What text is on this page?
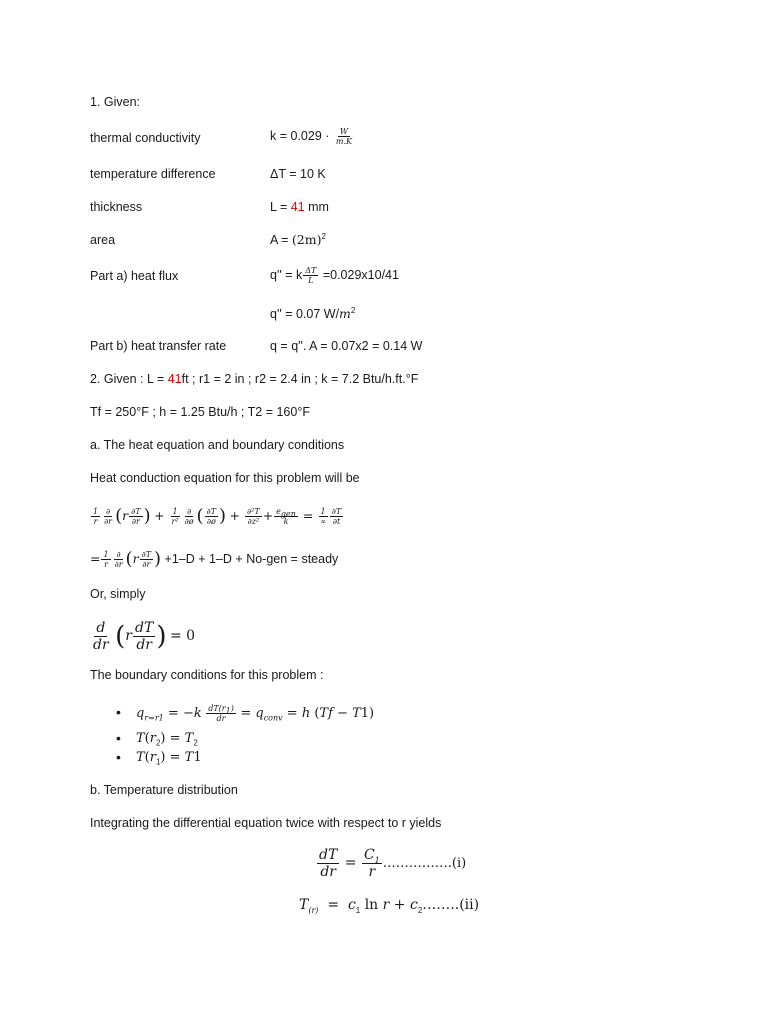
1. Given:
thermal conductivity	$k = 0.029 \cdot \frac{W}{m.K}$
temperature difference	ΔT = 10 K
thickness	L = 41 mm
area	$A = (2m)^2$
Part a) heat flux	q'' = k $\frac{\Delta T}{L} =0.029x10/41$
q'' = 0.07 $W/m^2$
Part b) heat transfer rate	q = q''. A = 0.07x2 = 0.14 W
2. Given : L = 41ft ; r1 = 2 in ; r2 = 2.4 in ; k = 7.2 Btu/h.ft.°F
Tf = 250°F ; h = 1.25 Btu/h ; T2 = 160°F
a. The heat equation and boundary conditions
Heat conduction equation for this problem will be
$\frac{1}{r} \frac{\partial}{\partial r} (r \frac{\partial T}{\partial r}$ ) + $\frac{1}{\text{r²}} \frac{\partial}{\partial ø}$ ( $\frac{\partial T}{\partial ø}$ ) + $\frac{\text{∂²T}}{\text{∂z²}} + \frac{e_{gen}}{k} = \frac{1}{\propto} \frac{\partial T}{\partial t}$
= $\frac{1}{r} \frac{\partial}{\partial r} (r \frac{\partial T}{\partial r}$ ) +1–D + 1–D + No-gen = steady
Or, simply
$\frac{d}{dr} (r \frac{dT}{dr}$ ) = 0
The boundary conditions for this problem :
• $q_{r=r1} = -k \frac{dT(r_1)}{dr} = q_{conv} = h$ (Tf − T1)
• $T(r_2) = T_2$
• $T(r_1) = T1$
b. Temperature distribution
Integrating the differential equation twice with respect to r yields
$\frac{dT}{dr} = \frac{C_1}{r}$ …………….(i)
$T_{(r)} = c_1$ $\ln r + c_2\dots\dots..(ii)$
